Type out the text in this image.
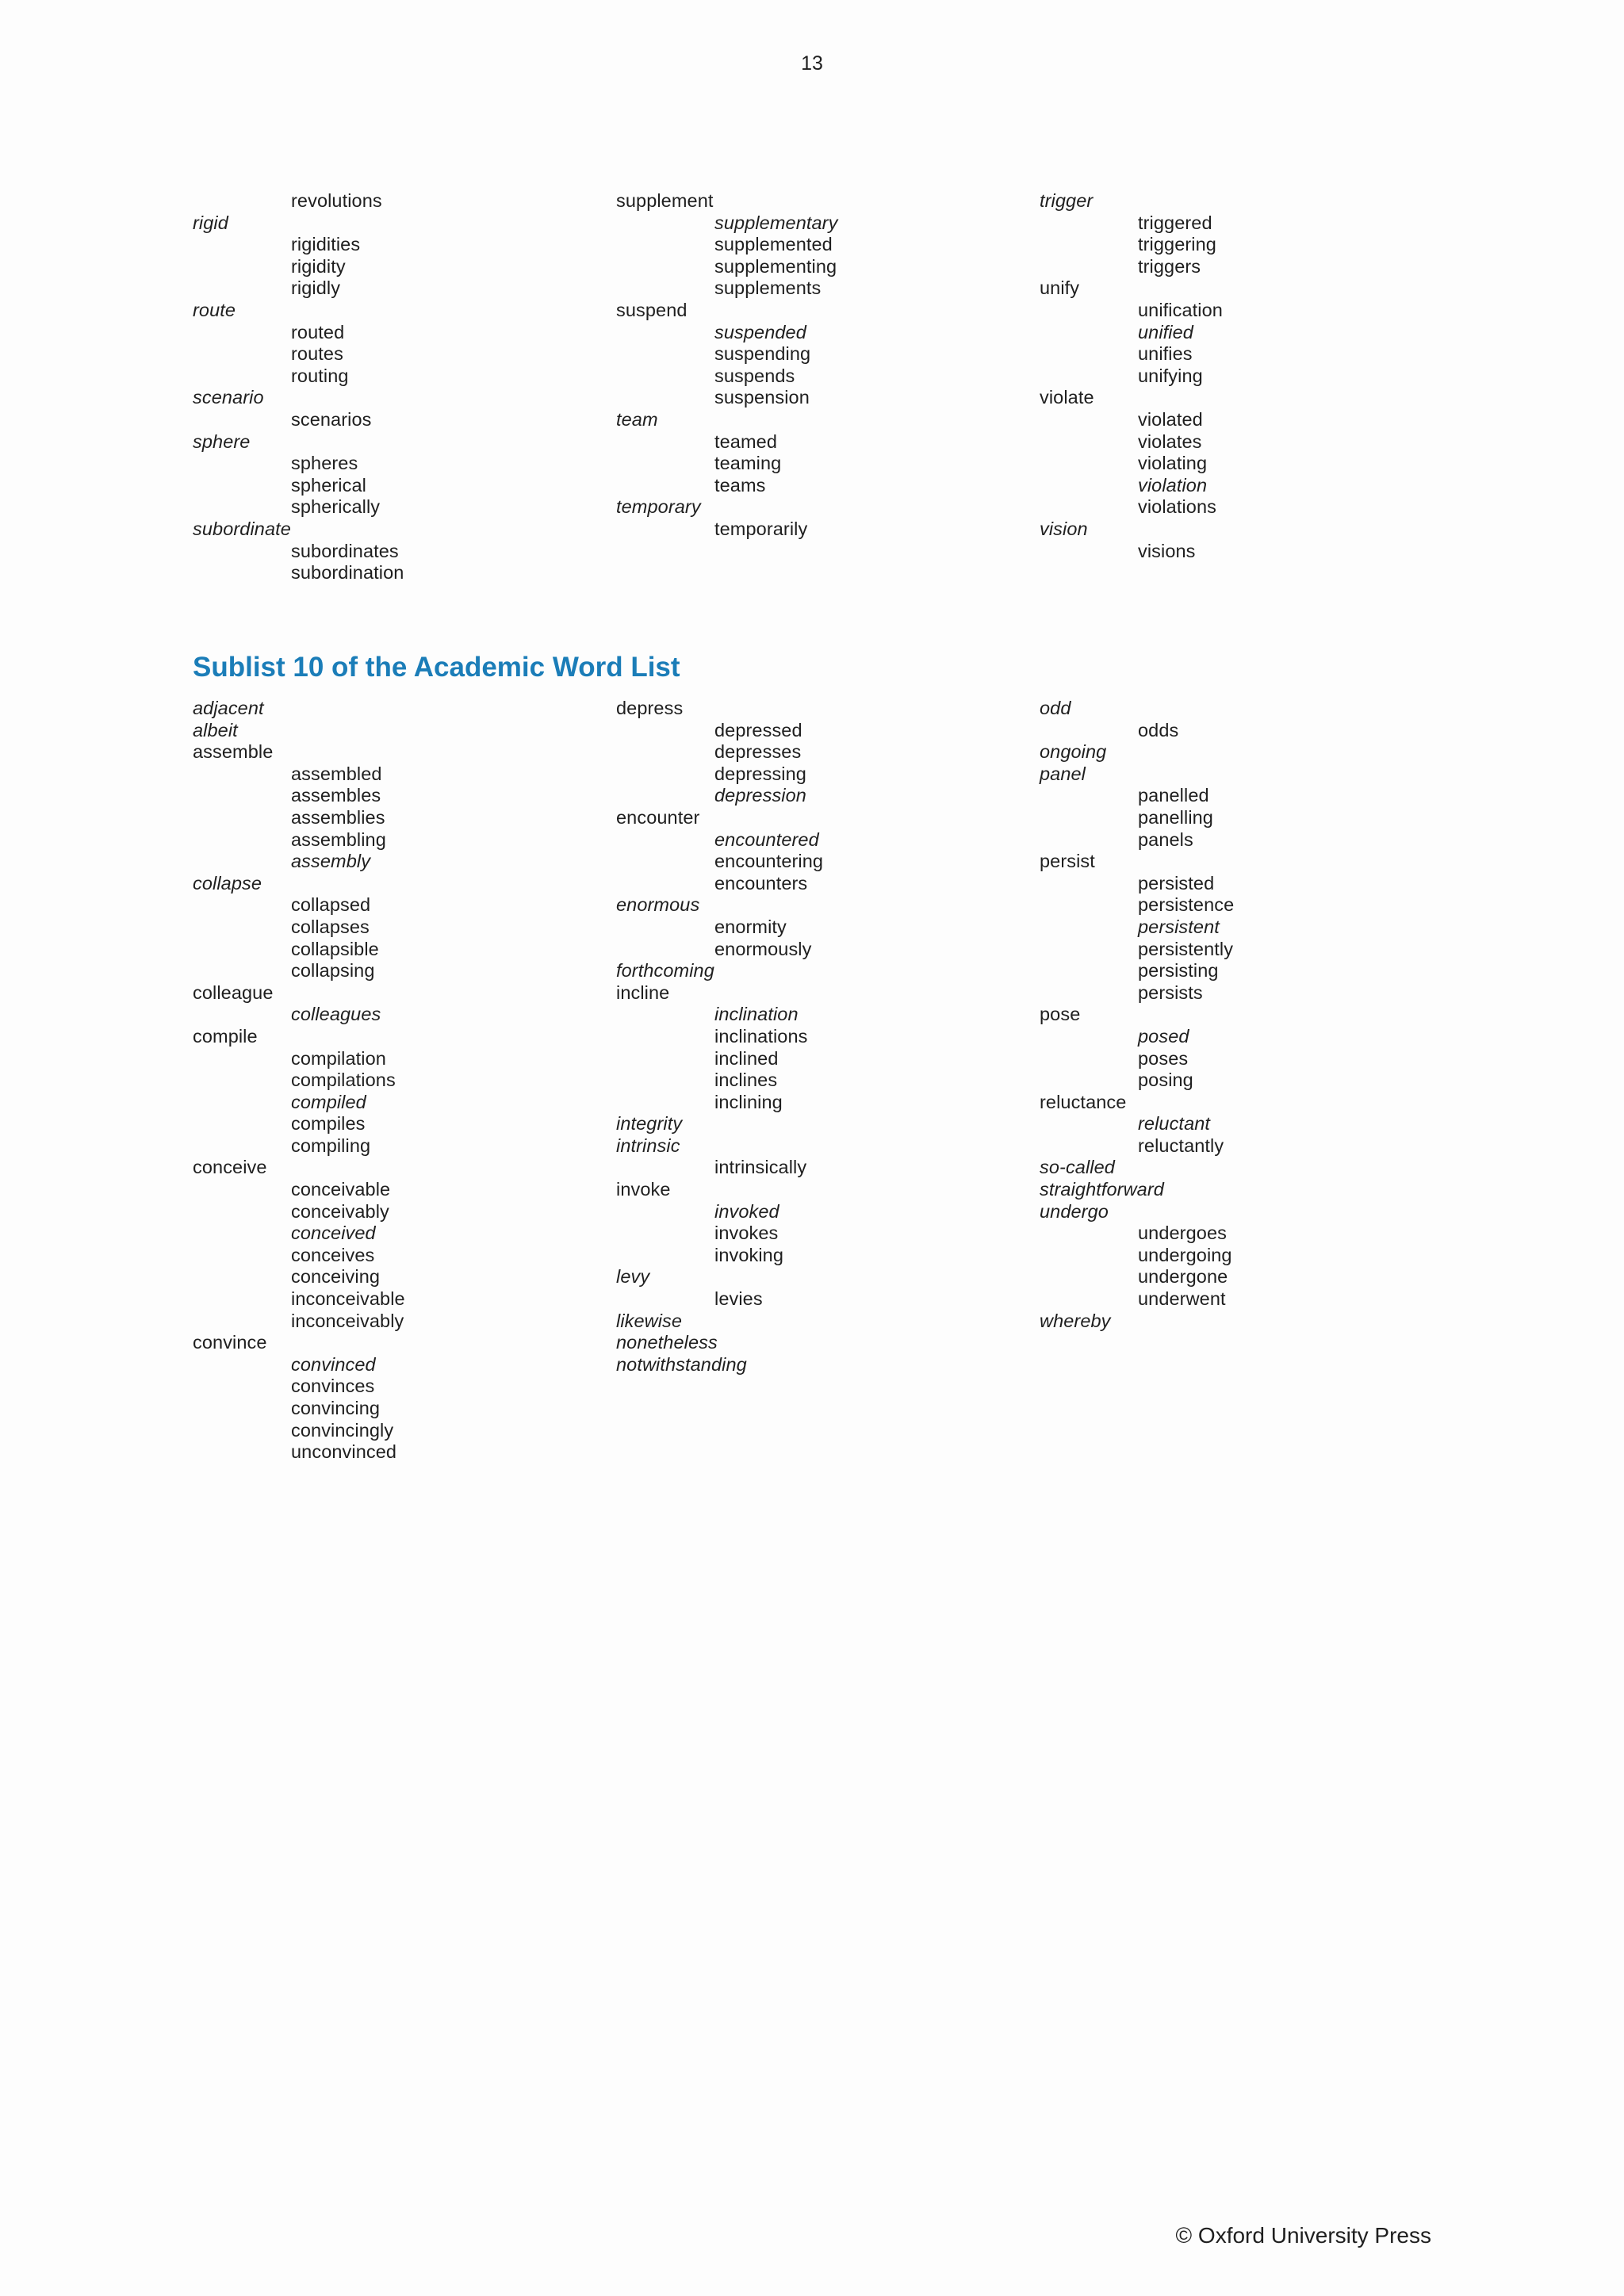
13
revolutions
rigid
rigidities
rigidity
rigidly
route
routed
routes
routing
scenario
scenarios
sphere
spheres
spherical
spherically
subordinate
subordinates
subordination
supplement
supplementary
supplemented
supplementing
supplements
suspend
suspended
suspending
suspends
suspension
team
teamed
teaming
teams
temporary
temporarily
trigger
triggered
triggering
triggers
unify
unification
unified
unifies
unifying
violate
violated
violates
violating
violation
violations
vision
visions
Sublist 10 of the Academic Word List
adjacent
albeit
assemble
assembled
assembles
assemblies
assembling
assembly
collapse
collapsed
collapses
collapsible
collapsing
colleague
colleagues
compile
compilation
compilations
compiled
compiles
compiling
conceive
conceivable
conceivably
conceived
conceives
conceiving
inconceivable
inconceivably
convince
convinced
convinces
convincing
convincingly
unconvinced
depress
depressed
depresses
depressing
depression
encounter
encountered
encountering
encounters
enormous
enormity
enormously
forthcoming
incline
inclination
inclinations
inclined
inclines
inclining
integrity
intrinsic
intrinsically
invoke
invoked
invokes
invoking
levy
levies
likewise
nonetheless
notwithstanding
odd
odds
ongoing
panel
panelled
panelling
panels
persist
persisted
persistence
persistent
persistently
persisting
persists
pose
posed
poses
posing
reluctance
reluctant
reluctantly
so-called
straightforward
undergo
undergoes
undergoing
undergone
underwent
whereby
© Oxford University Press
